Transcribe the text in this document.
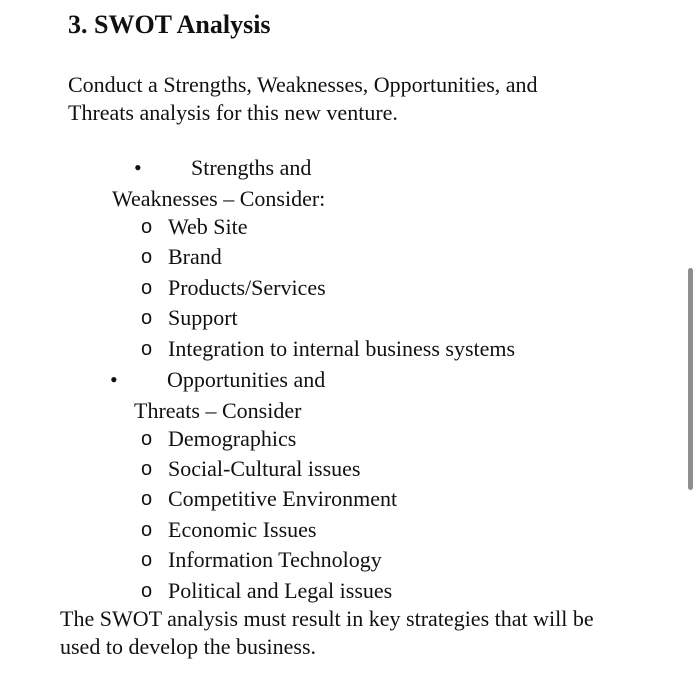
3. SWOT Analysis
Conduct a Strengths, Weaknesses, Opportunities, and
Threats analysis for this new venture.
• Strengths and
Weaknesses – Consider:
o Web Site
o Brand
o Products/Services
o Support
o Integration to internal business systems
• Opportunities and
Threats – Consider
o Demographics
o Social-Cultural issues
o Competitive Environment
o Economic Issues
o Information Technology
o Political and Legal issues
The SWOT analysis must result in key strategies that will be
used to develop the business.
